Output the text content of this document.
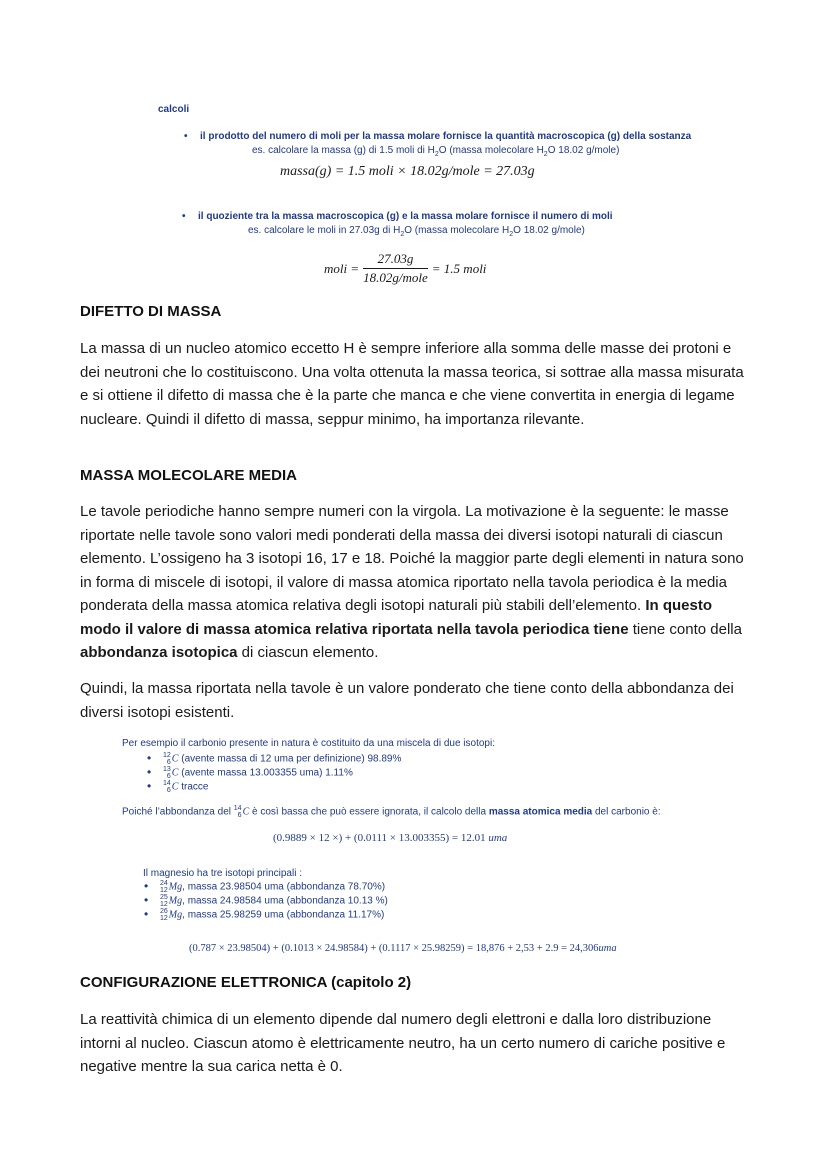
calcoli
• il prodotto del numero di moli per la massa molare fornisce la quantità macroscopica (g) della sostanza
es. calcolare la massa (g) di 1.5 moli di $H_2O$ (massa molecolare $H_2O$ 18.02 g/mole)
massa(g) = 1.5 moli × 18.02g/mole = 27.03g
• il quoziente tra la massa macroscopica (g) e la massa molare fornisce il numero di moli
es. calcolare le moli in 27.03g di $H_2O$ (massa molecolare $H_2O$ 18.02 g/mole)
moli = $\frac{27.03g}{\text{18.02g/mole}} = 1.5$ moli
DIFETTO DI MASSA
La massa di un nucleo atomico eccetto H è sempre inferiore alla somma delle masse dei protoni e dei neutroni che lo costituiscono. Una volta ottenuta la massa teorica, si sottrae alla massa misurata e si ottiene il difetto di massa che è la parte che manca e che viene convertita in energia di legame nucleare. Quindi il difetto di massa, seppur minimo, ha importanza rilevante.
MASSA MOLECOLARE MEDIA
Le tavole periodiche hanno sempre numeri con la virgola. La motivazione è la seguente: le masse riportate nelle tavole sono valori medi ponderati della massa dei diversi isotopi naturali di ciascun elemento. L’ossigeno ha 3 isotopi 16, 17 e 18. Poiché la maggior parte degli elementi in natura sono in forma di miscele di isotopi, il valore di massa atomica riportato nella tavola periodica è la media ponderata della massa atomica relativa degli isotopi naturali più stabili dell’elemento. In questo modo il valore di massa atomica relativa riportata nella tavola periodica tiene tiene conto della abbondanza isotopica di ciascun elemento.
Quindi, la massa riportata nella tavole è un valore ponderato che tiene conto della abbondanza dei diversi isotopi esistenti.
Per esempio il carbonio presente in natura è costituito da una miscela di due isotopi:
• 12
6 C (avente massa di 12 uma per definizione) 98.89%
• 13
6 C (avente massa 13.003355 uma) 1.11%
• 14
6 C tracce
Poiché l’abbondanza del 14
6 C è così bassa che può essere ignorata, il calcolo della massa atomica media del carbonio è:
(0.9889 × 12 ×) + (0.0111 × 13.003355) = 12.01 uma
Il magnesio ha tre isotopi principali :
• 24
12 Mg, massa 23.98504 uma (abbondanza 78.70%)
• 25
12 Mg, massa 24.98584 uma (abbondanza 10.13 %)
• 26
12 Mg, massa 25.98259 uma (abbondanza 11.17%)
(0.787 × 23.98504) + (0.1013 × 24.98584) + (0.1117 × 25.98259) = 18,876 + 2,53 + 2.9 = 24,306uma
CONFIGURAZIONE ELETTRONICA (capitolo 2)
La reattività chimica di un elemento dipende dal numero degli elettroni e dalla loro distribuzione intorni al nucleo. Ciascun atomo è elettricamente neutro, ha un certo numero di cariche positive e negative mentre la sua carica netta è 0.
